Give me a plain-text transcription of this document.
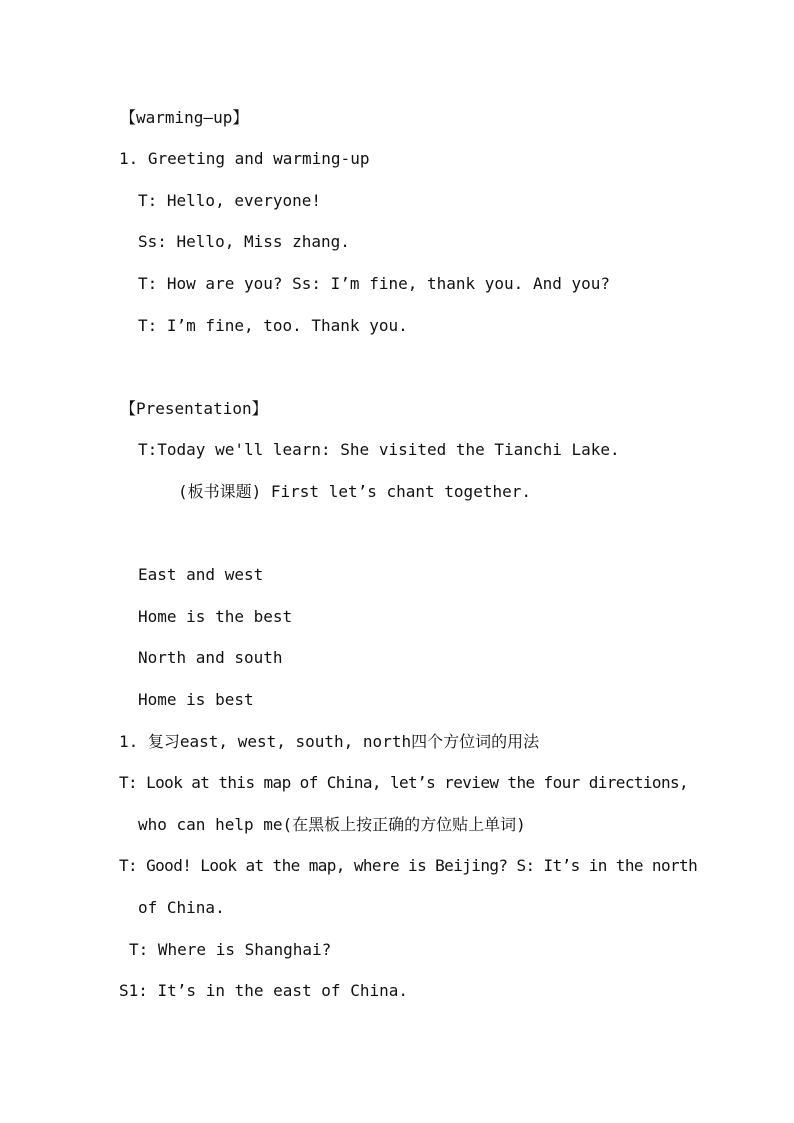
【warming—up】
1. Greeting and warming-up
T: Hello, everyone!
Ss: Hello, Miss zhang.
T: How are you? Ss: I’m fine, thank you. And you?
T: I’m fine, too. Thank you.
【Presentation】
T:Today we'll learn: She visited the Tianchi Lake.
(板书课题) First let’s chant together.
East and west
Home is the best
North and south
Home is best
1. 复习east, west, south, north四个方位词的用法
T: Look at this map of China, let’s review the four directions,
who can help me(在黑板上按正确的方位贴上单词)
T: Good! Look at the map, where is Beijing? S: It’s in the north
of China.
T: Where is Shanghai?
S1: It’s in the east of China.
